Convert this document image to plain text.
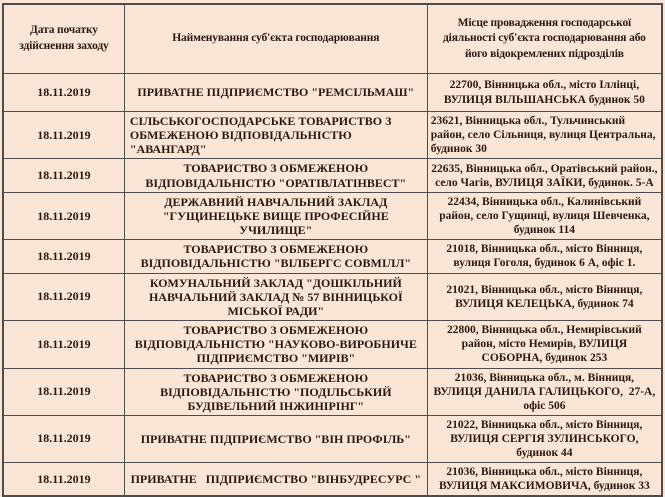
Дата початку здійснення заходу	Найменування суб'єкта господарювання	Місце провадження господарської діяльності суб'єкта господарювання або його відокремлених підрозділів
18.11.2019	ПРИВАТНЕ ПІДПРИЄМСТВО "РЕМСІЛЬМАШ"	22700, Вінницька обл., місто Іллінці, ВУЛИЦЯ ВІЛЬШАНСЬКА будинок 50
18.11.2019	СІЛЬСЬКОГОСПОДАРСЬКЕ ТОВАРИСТВО З ОБМЕЖЕНОЮ ВІДПОВІДАЛЬНІСТЮ "АВАНГАРД"	23621, Вінницька обл., Тульчинський район, село Сільниця, вулиця Центральна,  будинок 30
18.11.2019	ТОВАРИСТВО З ОБМЕЖЕНОЮ ВІДПОВІДАЛЬНІСТЮ "ОРАТІВЛАТІНВЕСТ"	22635, Вінницька обл., Оратівський район., село Чагів, ВУЛИЦЯ ЗАЇКИ, будинок. 5-А
18.11.2019	ДЕРЖАВНИЙ НАВЧАЛЬНИЙ ЗАКЛАД "ГУЩИНЕЦЬКЕ ВИЩЕ ПРОФЕСІЙНЕ УЧИЛИЩЕ"	22434, Вінницька обл., Калинівський район, село Гущинці, вулиця Шевченка, будинок 114
18.11.2019	ТОВАРИСТВО З ОБМЕЖЕНОЮ ВІДПОВІДАЛЬНІСТЮ "ВІЛБЕРГС СОВМІЛЛ"	21018, Вінницька обл., місто Вінниця, вулиця Гоголя, будинок 6 А, офіс 1.
18.11.2019	КОМУНАЛЬНИЙ ЗАКЛАД "ДОШКІЛЬНИЙ НАВЧАЛЬНИЙ ЗАКЛАД № 57 ВІННИЦЬКОЇ МІСЬКОЇ РАДИ"	21021, Вінницька обл., місто Вінниця, ВУЛИЦЯ КЕЛЕЦЬКА, будинок 74
18.11.2019	ТОВАРИСТВО З ОБМЕЖЕНОЮ ВІДПОВІДАЛЬНІСТЮ "НАУКОВО-ВИРОБНИЧЕ ПІДПРИЄМСТВО "МИРІВ"	22800, Вінницька обл., Немирівський район, місто Немирів, ВУЛИЦЯ СОБОРНА, будинок 253
18.11.2019	ТОВАРИСТВО З ОБМЕЖЕНОЮ ВІДПОВІДАЛЬНІСТЮ "ПОДІЛЬСЬКИЙ БУДІВЕЛЬНИЙ ІНЖИНІРІНГ"	21036, Вінницька обл., м. Вінниця, ВУЛИЦЯ ДАНИЛА ГАЛИЦЬКОГО,  27-А, офіс 506
18.11.2019	ПРИВАТНЕ ПІДПРИЄМСТВО "ВІН ПРОФІЛЬ"	21022, Вінницька обл., місто Вінниця, ВУЛИЦЯ СЕРГІЯ ЗУЛИНСЬКОГО, будинок 44
18.11.2019	ПРИВАТНЕ   ПІДПРИЄМСТВО "ВІНБУДРЕСУРС "	21036, Вінницька обл., місто Вінниця, ВУЛИЦЯ МАКСИМОВИЧА, будинок 33
